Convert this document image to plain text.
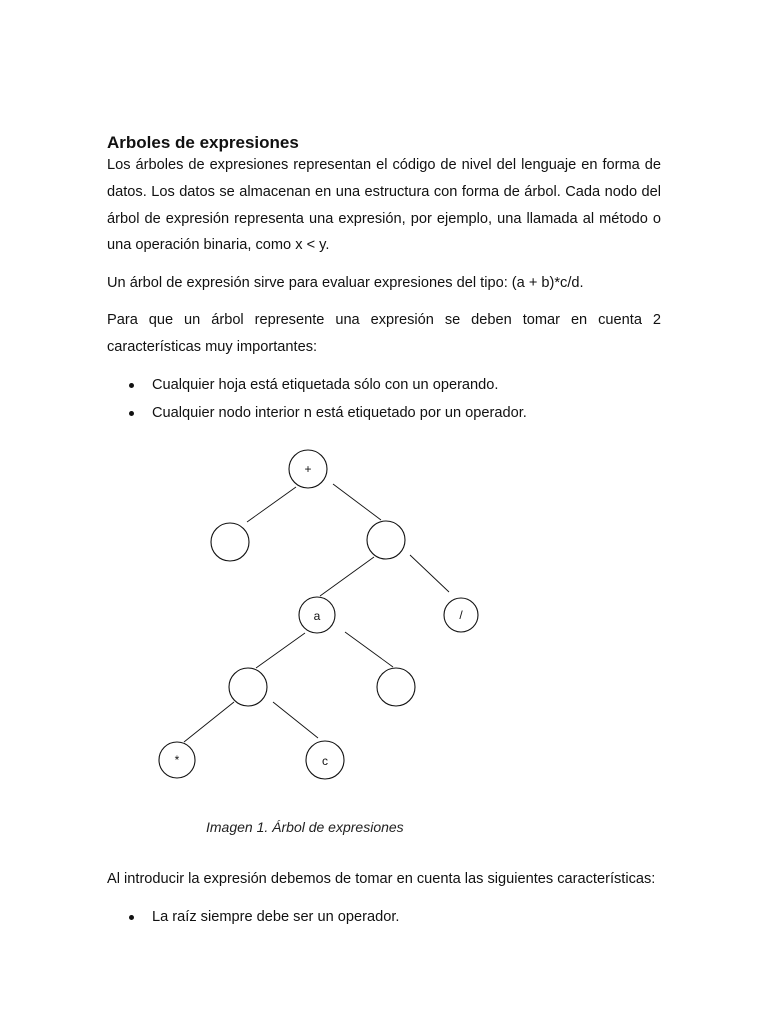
Arboles de expresiones

Los árboles de expresiones representan el código de nivel del lenguaje en forma de datos. Los datos se almacenan en una estructura con forma de árbol. Cada nodo del árbol de expresión representa una expresión, por ejemplo, una llamada al método o una operación binaria, como x < y.

Un árbol de expresión sirve para evaluar expresiones del tipo: (a + b)*c/d.

Para que un árbol represente una expresión se deben tomar en cuenta 2 características muy importantes:

Cualquier hoja está etiquetada sólo con un operando.
Cualquier nodo interior n está etiquetado por un operador.
+
a	/
*	c
Imagen 1. Árbol de expresiones

Al introducir la expresión debemos de tomar en cuenta las siguientes características:

La raíz siempre debe ser un operador.
